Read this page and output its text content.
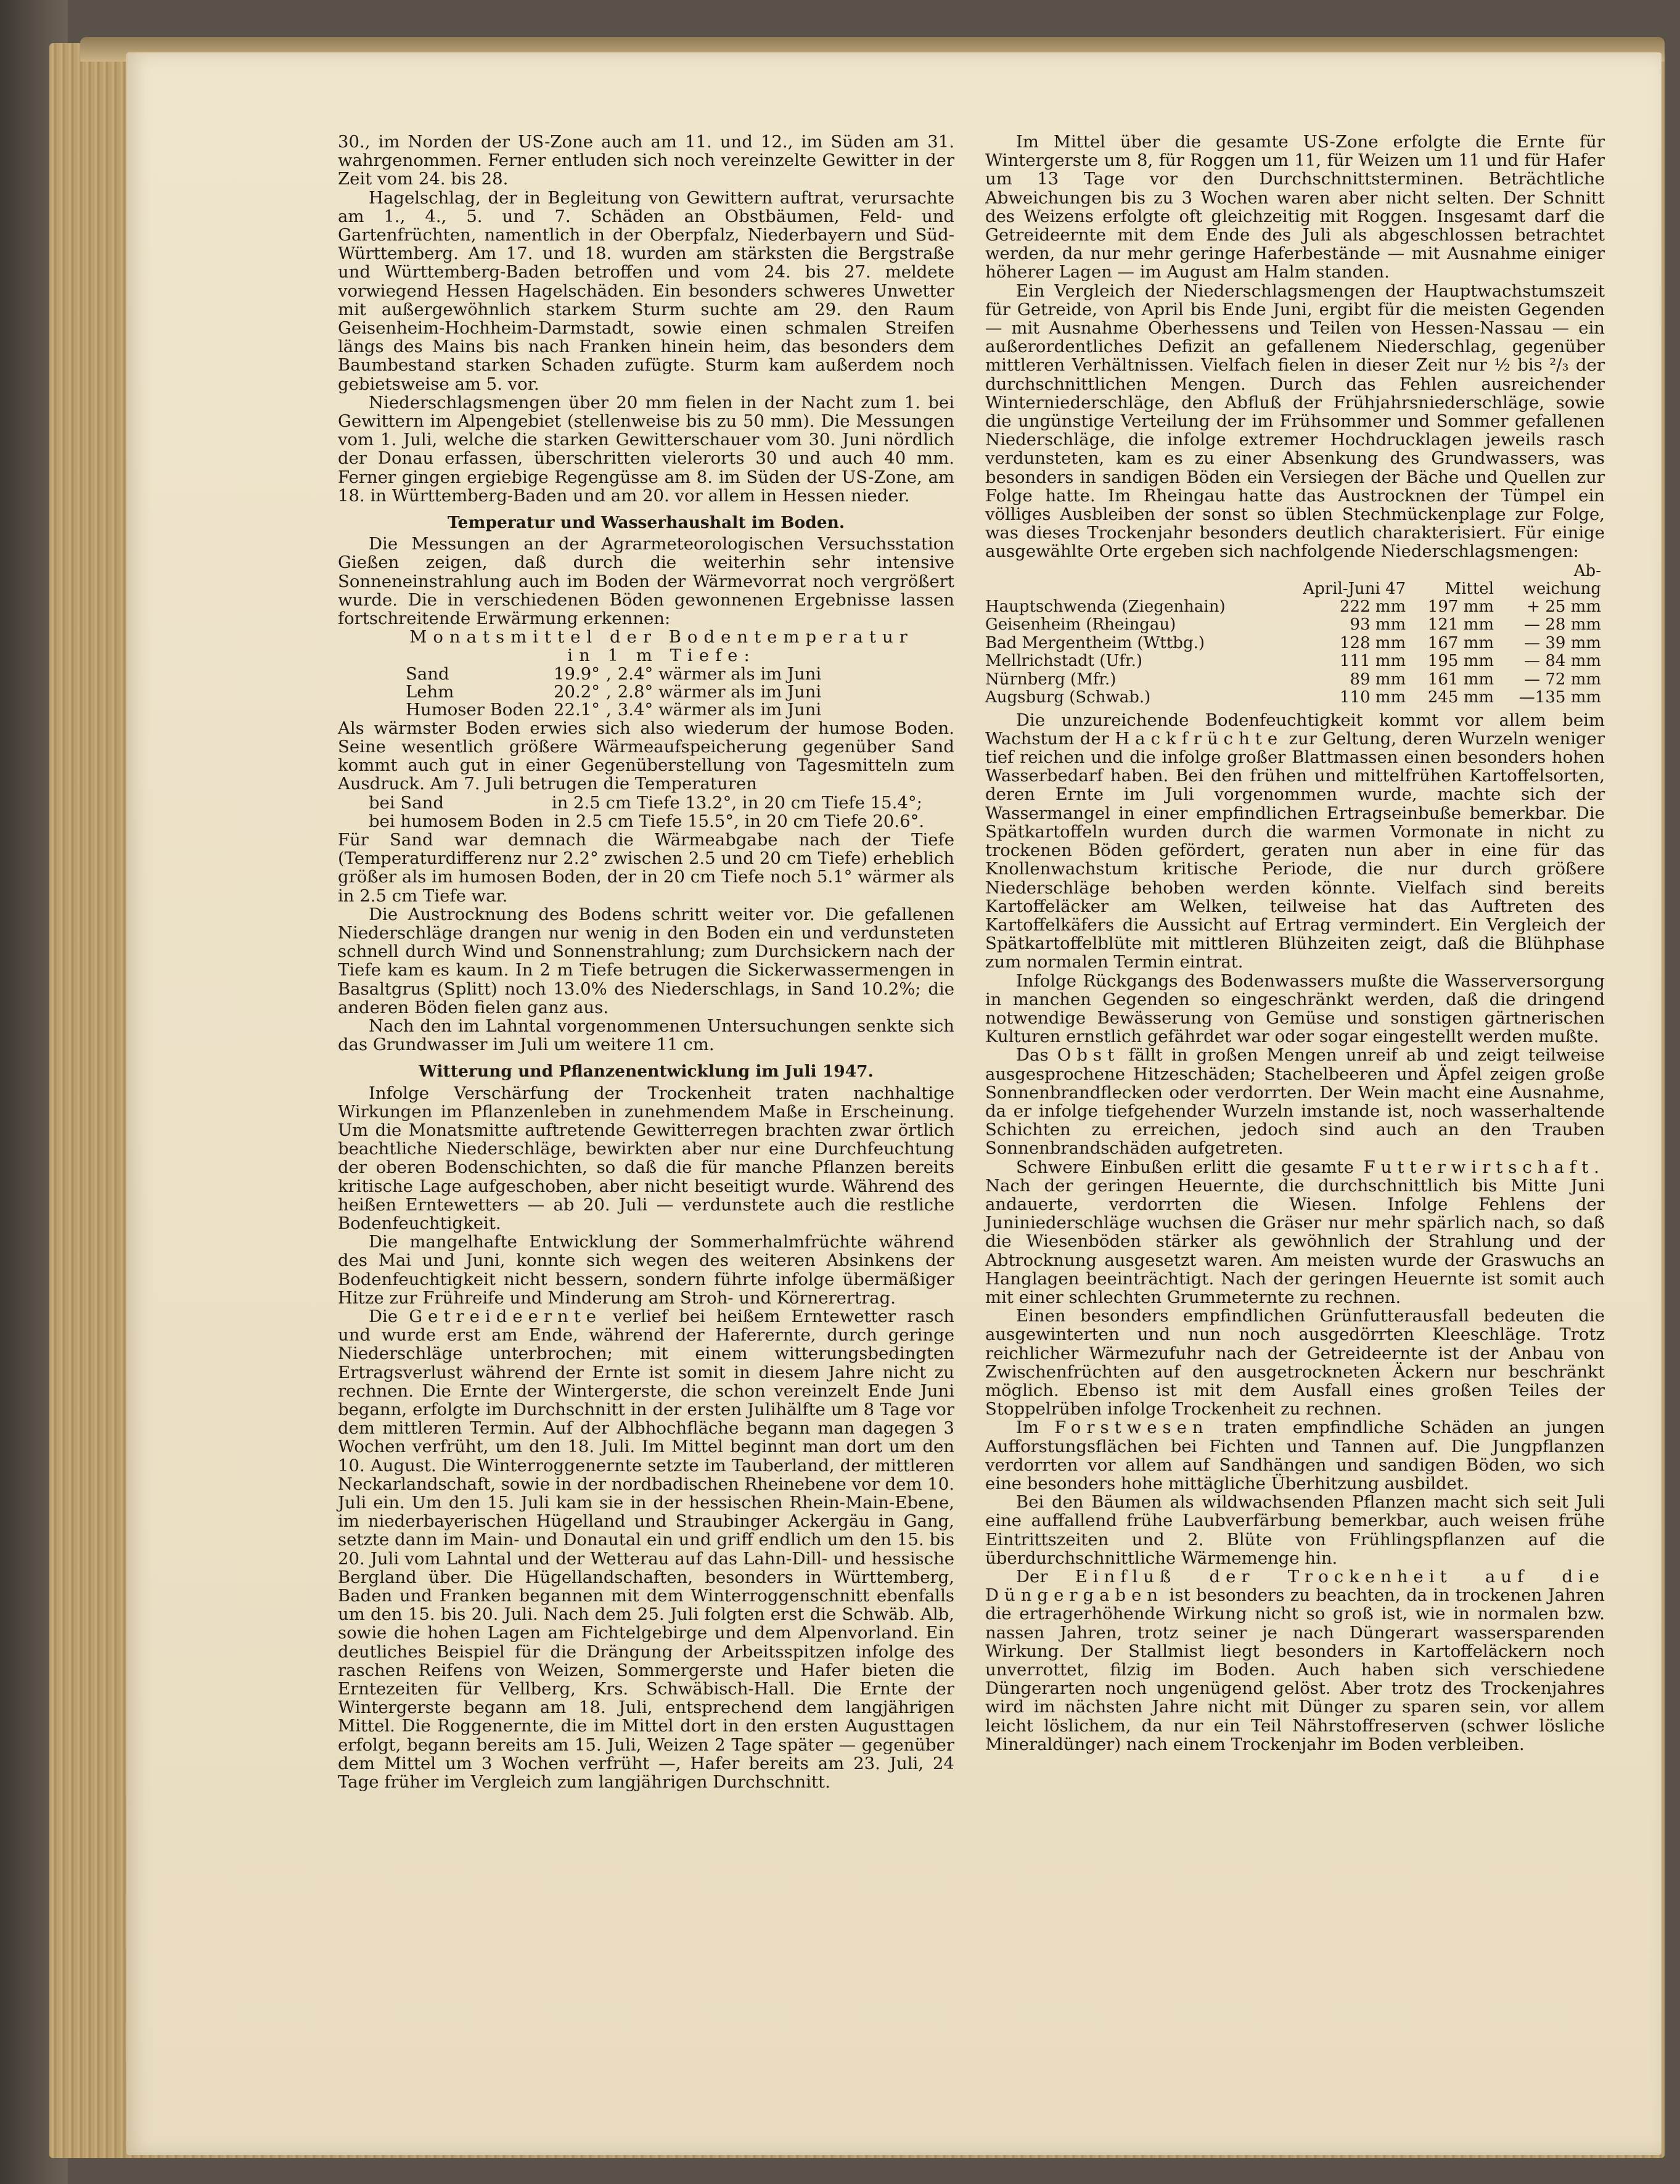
30., im Norden der US-Zone auch am 11. und 12., im Süden am 31. wahrgenommen. Ferner entluden sich noch vereinzelte Gewitter in der Zeit vom 24. bis 28.

Hagelschlag, der in Begleitung von Gewittern auftrat, verursachte am 1., 4., 5. und 7. Schäden an Obstbäumen, Feld- und Gartenfrüchten, namentlich in der Oberpfalz, Niederbayern und Süd-Württemberg. Am 17. und 18. wurden am stärksten die Bergstraße und Württemberg-Baden betroffen und vom 24. bis 27. meldete vorwiegend Hessen Hagelschäden. Ein besonders schweres Unwetter mit außergewöhnlich starkem Sturm suchte am 29. den Raum Geisenheim-Hochheim-Darmstadt, sowie einen schmalen Streifen längs des Mains bis nach Franken hinein heim, das besonders dem Baumbestand starken Schaden zufügte. Sturm kam außerdem noch gebietsweise am 5. vor.

Niederschlagsmengen über 20 mm fielen in der Nacht zum 1. bei Gewittern im Alpengebiet (stellenweise bis zu 50 mm). Die Messungen vom 1. Juli, welche die starken Gewitterschauer vom 30. Juni nördlich der Donau erfassen, überschritten vielerorts 30 und auch 40 mm. Ferner gingen ergiebige Regengüsse am 8. im Süden der US-Zone, am 18. in Württemberg-Baden und am 20. vor allem in Hessen nieder.

Temperatur und Wasserhaushalt im Boden.

Die Messungen an der Agrarmeteorologischen Versuchsstation Gießen zeigen, daß durch die weiterhin sehr intensive Sonneneinstrahlung auch im Boden der Wärmevorrat noch vergrößert wurde. Die in verschiedenen Böden gewonnenen Ergebnisse lassen fortschreitende Erwärmung erkennen:

Monatsmittel der Bodentemperatur

in 1 m Tiefe:

Sand	19.9°	,	2.4° wärmer als im Juni
Lehm	20.2°	,	2.8° wärmer als im Juni
Humoser Boden	22.1°	,	3.4° wärmer als im Juni

Als wärmster Boden erwies sich also wiederum der humose Boden. Seine wesentlich größere Wärmeaufspeicherung gegenüber Sand kommt auch gut in einer Gegenüberstellung von Tagesmitteln zum Ausdruck. Am 7. Juli betrugen die Temperaturen

bei Sand                    in 2.5 cm Tiefe 13.2°, in 20 cm Tiefe 15.4°;

bei humosem Boden  in 2.5 cm Tiefe 15.5°, in 20 cm Tiefe 20.6°.

Für Sand war demnach die Wärmeabgabe nach der Tiefe (Temperaturdifferenz nur 2.2° zwischen 2.5 und 20 cm Tiefe) erheblich größer als im humosen Boden, der in 20 cm Tiefe noch 5.1° wärmer als in 2.5 cm Tiefe war.

Die Austrocknung des Bodens schritt weiter vor. Die gefallenen Niederschläge drangen nur wenig in den Boden ein und verdunsteten schnell durch Wind und Sonnenstrahlung; zum Durchsickern nach der Tiefe kam es kaum. In 2 m Tiefe betrugen die Sickerwassermengen in Basaltgrus (Splitt) noch 13.0% des Niederschlags, in Sand 10.2%; die anderen Böden fielen ganz aus.

Nach den im Lahntal vorgenommenen Untersuchungen senkte sich das Grundwasser im Juli um weitere 11 cm.

Witterung und Pflanzenentwicklung im Juli 1947.

Infolge Verschärfung der Trockenheit traten nachhaltige Wirkungen im Pflanzenleben in zunehmendem Maße in Erscheinung. Um die Monatsmitte auftretende Gewitterregen brachten zwar örtlich beachtliche Niederschläge, bewirkten aber nur eine Durchfeuchtung der oberen Bodenschichten, so daß die für manche Pflanzen bereits kritische Lage aufgeschoben, aber nicht beseitigt wurde. Während des heißen Erntewetters — ab 20. Juli — verdunstete auch die restliche Bodenfeuchtigkeit.

Die mangelhafte Entwicklung der Sommerhalmfrüchte während des Mai und Juni, konnte sich wegen des weiteren Absinkens der Bodenfeuchtigkeit nicht bessern, sondern führte infolge übermäßiger Hitze zur Frühreife und Minderung am Stroh- und Körnerertrag.

Die Getreideernte verlief bei heißem Erntewetter rasch und wurde erst am Ende, während der Haferernte, durch geringe Niederschläge unterbrochen; mit einem witterungsbedingten Ertragsverlust während der Ernte ist somit in diesem Jahre nicht zu rechnen. Die Ernte der Wintergerste, die schon vereinzelt Ende Juni begann, erfolgte im Durchschnitt in der ersten Julihälfte um 8 Tage vor dem mittleren Termin. Auf der Albhochfläche begann man dagegen 3 Wochen verfrüht, um den 18. Juli. Im Mittel beginnt man dort um den 10. August. Die Winterroggenernte setzte im Tauberland, der mittleren Neckarlandschaft, sowie in der nordbadischen Rheinebene vor dem 10. Juli ein. Um den 15. Juli kam sie in der hessischen Rhein-Main-Ebene, im niederbayerischen Hügelland und Straubinger Ackergäu in Gang, setzte dann im Main- und Donautal ein und griff endlich um den 15. bis 20. Juli vom Lahntal und der Wetterau auf das Lahn-Dill- und hessische Bergland über. Die Hügellandschaften, besonders in Württemberg, Baden und Franken begannen mit dem Winterroggenschnitt ebenfalls um den 15. bis 20. Juli. Nach dem 25. Juli folgten erst die Schwäb. Alb, sowie die hohen Lagen am Fichtelgebirge und dem Alpenvorland. Ein deutliches Beispiel für die Drängung der Arbeitsspitzen infolge des raschen Reifens von Weizen, Sommergerste und Hafer bieten die Erntezeiten für Vellberg, Krs. Schwäbisch-Hall. Die Ernte der Wintergerste begann am 18. Juli, entsprechend dem langjährigen Mittel. Die Roggenernte, die im Mittel dort in den ersten Augusttagen erfolgt, begann bereits am 15. Juli, Weizen 2 Tage später — gegenüber dem Mittel um 3 Wochen verfrüht —, Hafer bereits am 23. Juli, 24 Tage früher im Vergleich zum langjährigen Durchschnitt.

Im Mittel über die gesamte US-Zone erfolgte die Ernte für Wintergerste um 8, für Roggen um 11, für Weizen um 11 und für Hafer um 13 Tage vor den Durchschnittsterminen. Beträchtliche Abweichungen bis zu 3 Wochen waren aber nicht selten. Der Schnitt des Weizens erfolgte oft gleichzeitig mit Roggen. Insgesamt darf die Getreideernte mit dem Ende des Juli als abgeschlossen betrachtet werden, da nur mehr geringe Haferbestände — mit Ausnahme einiger höherer Lagen — im August am Halm standen.

Ein Vergleich der Niederschlagsmengen der Hauptwachstumszeit für Getreide, von April bis Ende Juni, ergibt für die meisten Gegenden — mit Ausnahme Oberhessens und Teilen von Hessen-Nassau — ein außerordentliches Defizit an gefallenem Niederschlag, gegenüber mittleren Verhältnissen. Vielfach fielen in dieser Zeit nur ½ bis ²/₃ der durchschnittlichen Mengen. Durch das Fehlen ausreichender Winterniederschläge, den Abfluß der Frühjahrsniederschläge, sowie die ungünstige Verteilung der im Frühsommer und Sommer gefallenen Niederschläge, die infolge extremer Hochdrucklagen jeweils rasch verdunsteten, kam es zu einer Absenkung des Grundwassers, was besonders in sandigen Böden ein Versiegen der Bäche und Quellen zur Folge hatte. Im Rheingau hatte das Austrocknen der Tümpel ein völliges Ausbleiben der sonst so üblen Stechmückenplage zur Folge, was dieses Trockenjahr besonders deutlich charakterisiert. Für einige ausgewählte Orte ergeben sich nachfolgende Niederschlagsmengen:

	April-Juni 47	Mittel	Ab-
weichung
Hauptschwenda (Ziegenhain)	222 mm	197 mm	+ 25 mm
Geisenheim (Rheingau)	93 mm	121 mm	— 28 mm
Bad Mergentheim (Wttbg.)	128 mm	167 mm	— 39 mm
Mellrichstadt (Ufr.)	111 mm	195 mm	— 84 mm
Nürnberg (Mfr.)	89 mm	161 mm	— 72 mm
Augsburg (Schwab.)	110 mm	245 mm	—135 mm

Die unzureichende Bodenfeuchtigkeit kommt vor allem beim Wachstum der Hackfrüchte zur Geltung, deren Wurzeln weniger tief reichen und die infolge großer Blattmassen einen besonders hohen Wasserbedarf haben. Bei den frühen und mittelfrühen Kartoffelsorten, deren Ernte im Juli vorgenommen wurde, machte sich der Wassermangel in einer empfindlichen Ertragseinbuße bemerkbar. Die Spätkartoffeln wurden durch die warmen Vormonate in nicht zu trockenen Böden gefördert, geraten nun aber in eine für das Knollenwachstum kritische Periode, die nur durch größere Niederschläge behoben werden könnte. Vielfach sind bereits Kartoffeläcker am Welken, teilweise hat das Auftreten des Kartoffelkäfers die Aussicht auf Ertrag vermindert. Ein Vergleich der Spätkartoffelblüte mit mittleren Blühzeiten zeigt, daß die Blühphase zum normalen Termin eintrat.

Infolge Rückgangs des Bodenwassers mußte die Wasserversorgung in manchen Gegenden so eingeschränkt werden, daß die dringend notwendige Bewässerung von Gemüse und sonstigen gärtnerischen Kulturen ernstlich gefährdet war oder sogar eingestellt werden mußte.

Das Obst fällt in großen Mengen unreif ab und zeigt teilweise ausgesprochene Hitzeschäden; Stachelbeeren und Äpfel zeigen große Sonnenbrandflecken oder verdorrten. Der Wein macht eine Ausnahme, da er infolge tiefgehender Wurzeln imstande ist, noch wasserhaltende Schichten zu erreichen, jedoch sind auch an den Trauben Sonnenbrandschäden aufgetreten.

Schwere Einbußen erlitt die gesamte Futterwirtschaft. Nach der geringen Heuernte, die durchschnittlich bis Mitte Juni andauerte, verdorrten die Wiesen. Infolge Fehlens der Juniniederschläge wuchsen die Gräser nur mehr spärlich nach, so daß die Wiesenböden stärker als gewöhnlich der Strahlung und der Abtrocknung ausgesetzt waren. Am meisten wurde der Graswuchs an Hanglagen beeinträchtigt. Nach der geringen Heuernte ist somit auch mit einer schlechten Grummeternte zu rechnen.

Einen besonders empfindlichen Grünfutterausfall bedeuten die ausgewinterten und nun noch ausgedörrten Kleeschläge. Trotz reichlicher Wärmezufuhr nach der Getreideernte ist der Anbau von Zwischenfrüchten auf den ausgetrockneten Äckern nur beschränkt möglich. Ebenso ist mit dem Ausfall eines großen Teiles der Stoppelrüben infolge Trockenheit zu rechnen.

Im Forstwesen traten empfindliche Schäden an jungen Aufforstungsflächen bei Fichten und Tannen auf. Die Jungpflanzen verdorrten vor allem auf Sandhängen und sandigen Böden, wo sich eine besonders hohe mittägliche Überhitzung ausbildet.

Bei den Bäumen als wildwachsenden Pflanzen macht sich seit Juli eine auffallend frühe Laubverfärbung bemerkbar, auch weisen frühe Eintrittszeiten und 2. Blüte von Frühlingspflanzen auf die überdurchschnittliche Wärmemenge hin.

Der Einfluß der Trockenheit auf die Düngergaben ist besonders zu beachten, da in trockenen Jahren die ertragerhöhende Wirkung nicht so groß ist, wie in normalen bzw. nassen Jahren, trotz seiner je nach Düngerart wassersparenden Wirkung. Der Stallmist liegt besonders in Kartoffeläckern noch unverrottet, filzig im Boden. Auch haben sich verschiedene Düngerarten noch ungenügend gelöst. Aber trotz des Trockenjahres wird im nächsten Jahre nicht mit Dünger zu sparen sein, vor allem leicht löslichem, da nur ein Teil Nährstoffreserven (schwer lösliche Mineraldünger) nach einem Trockenjahr im Boden verbleiben.
